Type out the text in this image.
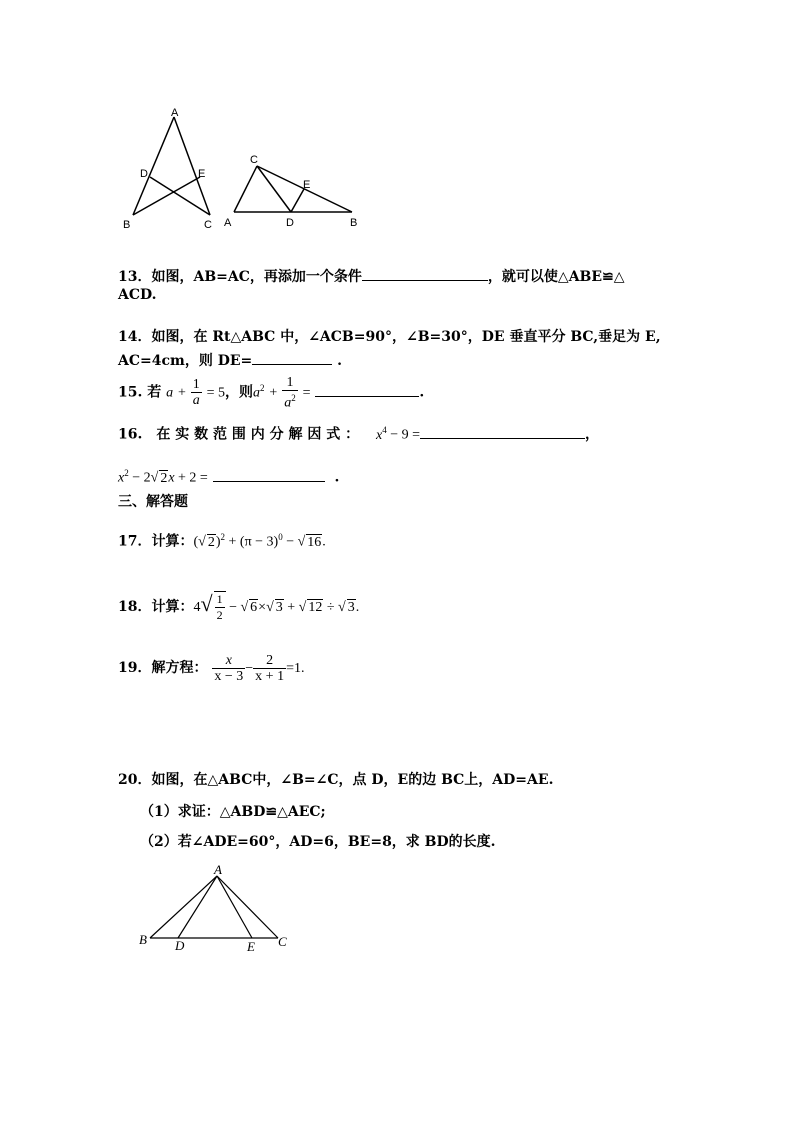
A
D	E
B	C
C
E
A	D	B
13．如图，AB=AC，再添加一个条件	，就可以使△ABE≌△
ACD.
14．如图，在 Rt△ABC 中，∠ACB=90°，∠B=30°，DE 垂直平分 BC,垂足为 E,
AC=4cm，则 DE=	.
15. 若 $a + \frac{1}{a} = 5$，则$a^2 + \frac{1}{a^2}$ =	.
16.　在 实 数 范 围 内 分 解 因 式 ： $x^4 - 9$ =	，
$x^2 - 2√$ 2x + 2 =	.
三、解答题
17．计算：(√ $2)^2 + (\pi - 3)^0$ − √ 16.
18．计算：$4√ \frac{1}{2}$ − √ 6×√ 3 + √ 12 ÷ √ 3.
19．解方程： $\frac{x}{x - 3} - \frac{2}{x + 1} =1$.
20．如图，在△ABC中，∠B=∠C，点 D，E的边 BC上，AD=AE.
（1）求证：△ABD≌△AEC;
（2）若∠ADE=60°，AD=6，BE=8，求 BD的长度.
A
B D	E C
